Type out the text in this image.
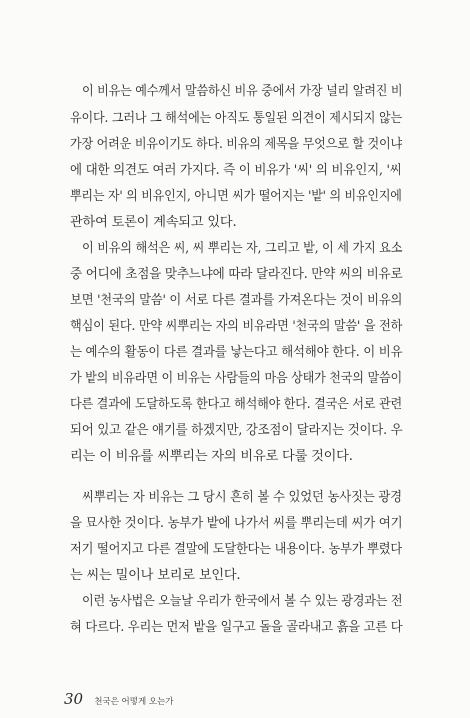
이 비유는 예수께서 말씀하신 비유 중에서 가장 널리 알려진 비
유이다. 그러나 그 해석에는 아직도 통일된 의견이 제시되지 않는
가장 어려운 비유이기도 하다. 비유의 제목을 무엇으로 할 것이냐
에 대한 의견도 여러 가지다. 즉 이 비유가 '씨' 의 비유인지, '씨
뿌리는 자' 의 비유인지, 아니면 씨가 떨어지는 '밭' 의 비유인지에
관하여 토론이 계속되고 있다.
이 비유의 해석은 씨, 씨 뿌리는 자, 그리고 밭, 이 세 가지 요소
중 어디에 초점을 맞추느냐에 따라 달라진다. 만약 씨의 비유로
보면 '천국의 말씀' 이 서로 다른 결과를 가져온다는 것이 비유의
핵심이 된다. 만약 씨뿌리는 자의 비유라면 '천국의 말씀' 을 전하
는 예수의 활동이 다른 결과를 낳는다고 해석해야 한다. 이 비유
가 밭의 비유라면 이 비유는 사람들의 마음 상태가 천국의 말씀이
다른 결과에 도달하도록 한다고 해석해야 한다. 결국은 서로 관련
되어 있고 같은 얘기를 하겠지만, 강조점이 달라지는 것이다. 우
리는 이 비유를 씨뿌리는 자의 비유로 다룰 것이다.
씨뿌리는 자 비유는 그 당시 흔히 볼 수 있었던 농사짓는 광경
을 묘사한 것이다. 농부가 밭에 나가서 씨를 뿌리는데 씨가 여기
저기 떨어지고 다른 결말에 도달한다는 내용이다. 농부가 뿌렸다
는 씨는 밀이나 보리로 보인다.
이런 농사법은 오늘날 우리가 한국에서 볼 수 있는 광경과는 전
혀 다르다. 우리는 먼저 밭을 일구고 돌을 골라내고 흙을 고른 다
30 천국은 어떻게 오는가
